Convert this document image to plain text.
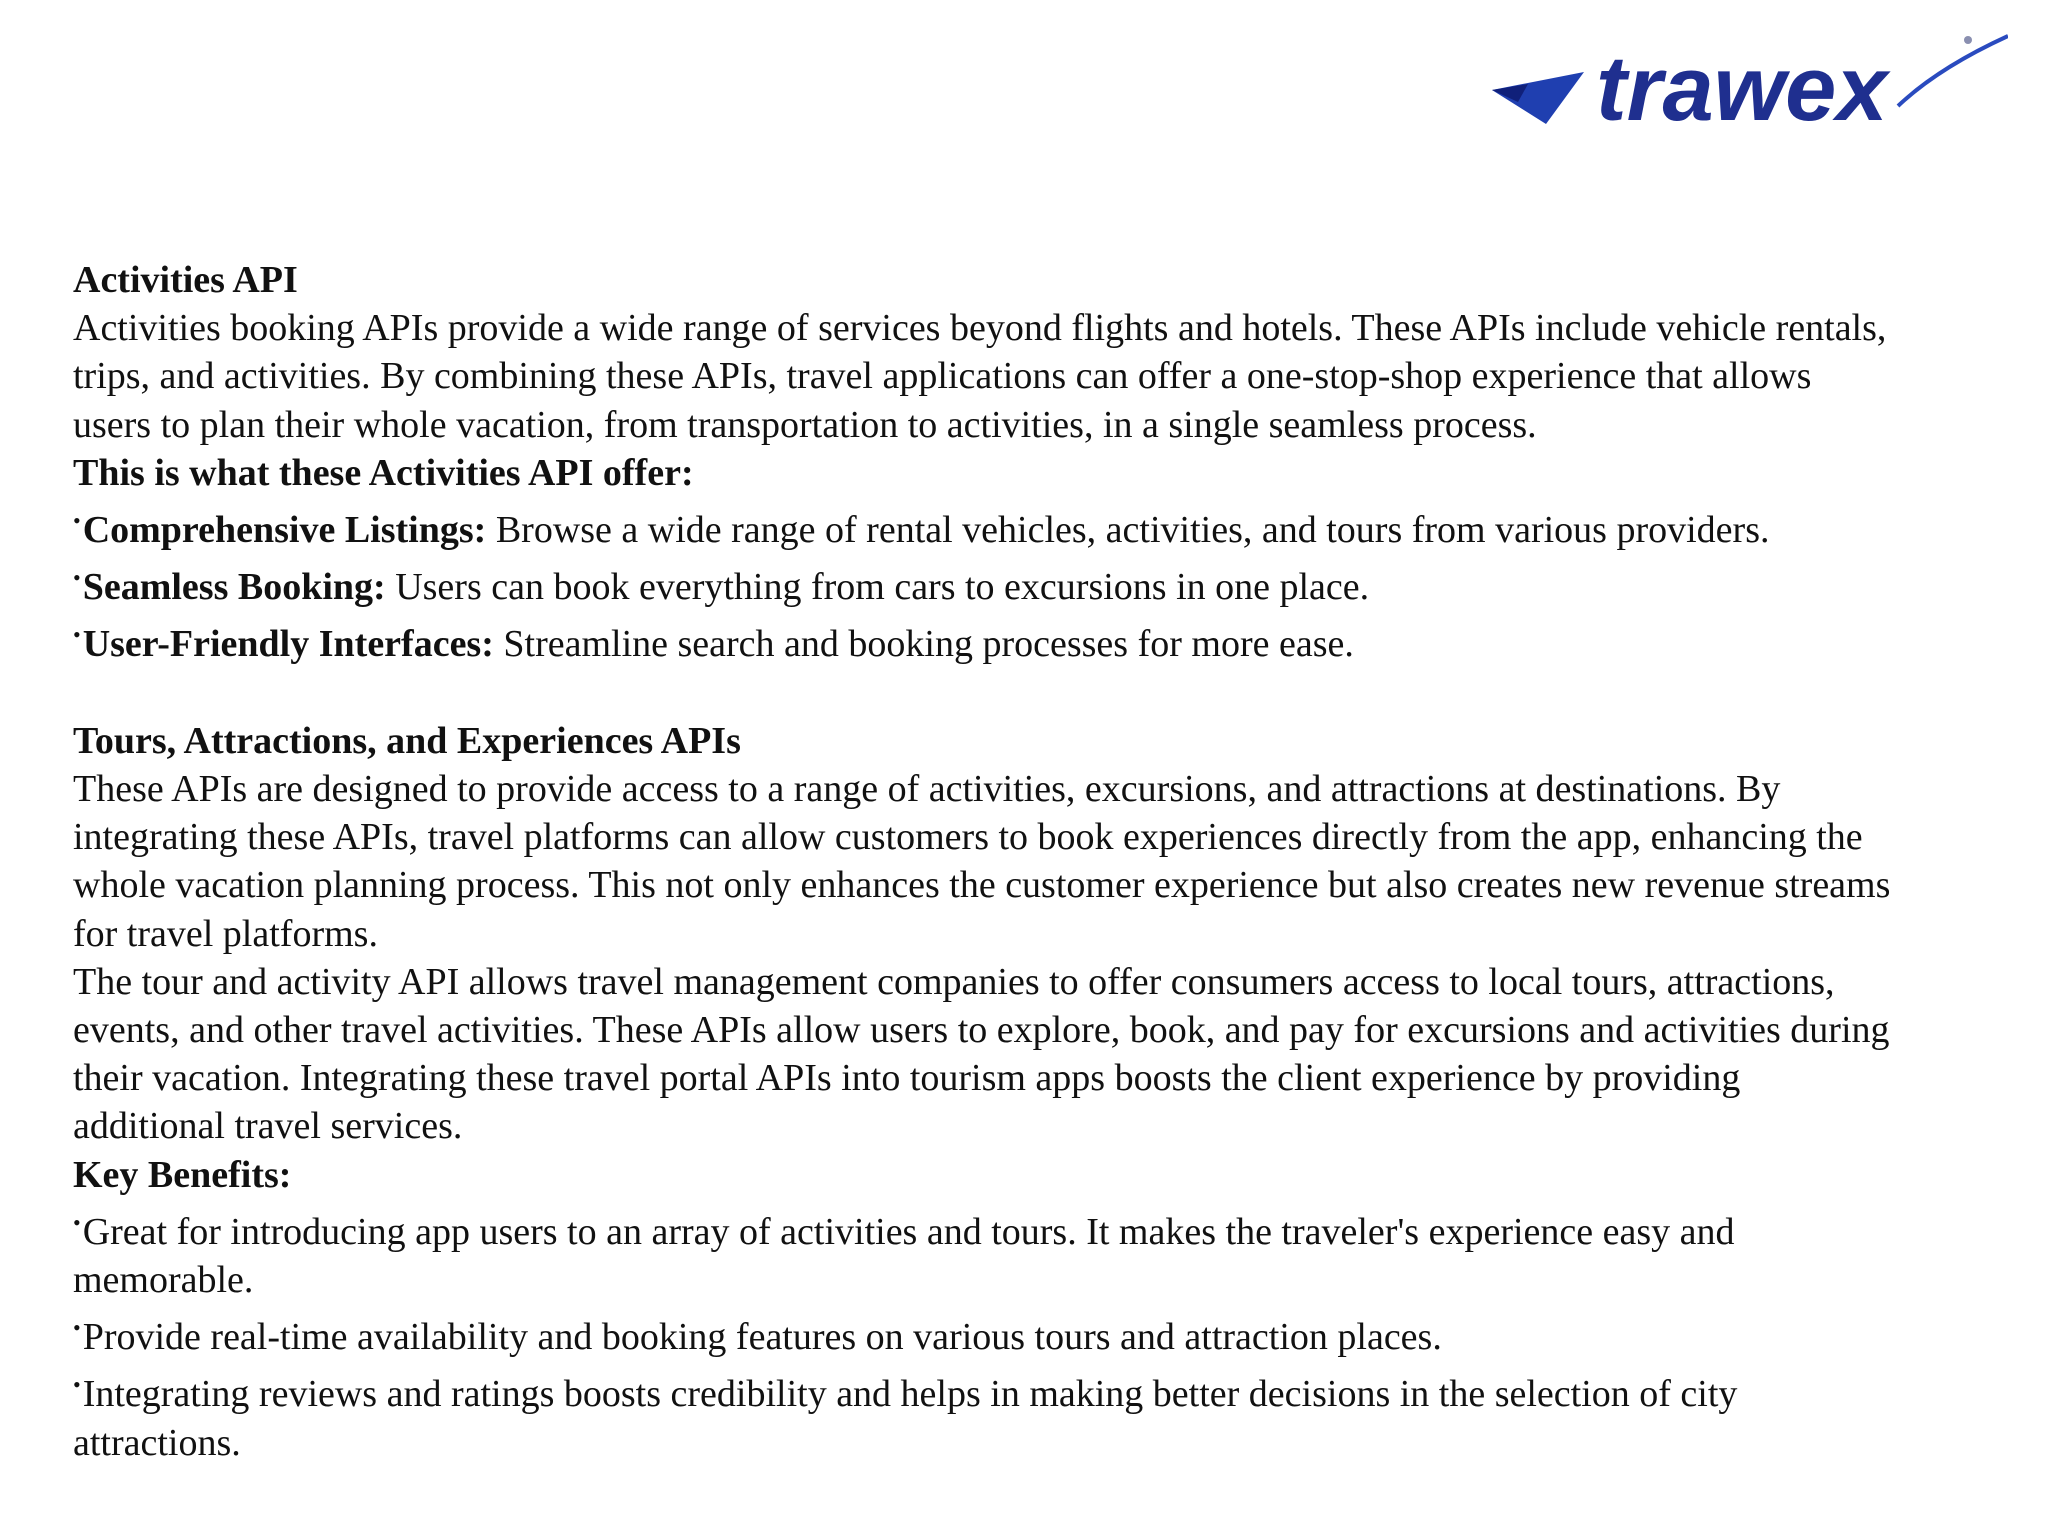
trawex
Activities API
Activities booking APIs provide a wide range of services beyond flights and hotels. These APIs include vehicle rentals,
trips, and activities. By combining these APIs, travel applications can offer a one-stop-shop experience that allows
users to plan their whole vacation, from transportation to activities, in a single seamless process.
This is what these Activities API offer:
•Comprehensive Listings: Browse a wide range of rental vehicles, activities, and tours from various providers.
•Seamless Booking: Users can book everything from cars to excursions in one place.
•User-Friendly Interfaces: Streamline search and booking processes for more ease.
Tours, Attractions, and Experiences APIs
These APIs are designed to provide access to a range of activities, excursions, and attractions at destinations. By
integrating these APIs, travel platforms can allow customers to book experiences directly from the app, enhancing the
whole vacation planning process. This not only enhances the customer experience but also creates new revenue streams
for travel platforms.
The tour and activity API allows travel management companies to offer consumers access to local tours, attractions,
events, and other travel activities. These APIs allow users to explore, book, and pay for excursions and activities during
their vacation. Integrating these travel portal APIs into tourism apps boosts the client experience by providing
additional travel services.
Key Benefits:
•Great for introducing app users to an array of activities and tours. It makes the traveler's experience easy and
memorable.
•Provide real-time availability and booking features on various tours and attraction places.
•Integrating reviews and ratings boosts credibility and helps in making better decisions in the selection of city
attractions.
